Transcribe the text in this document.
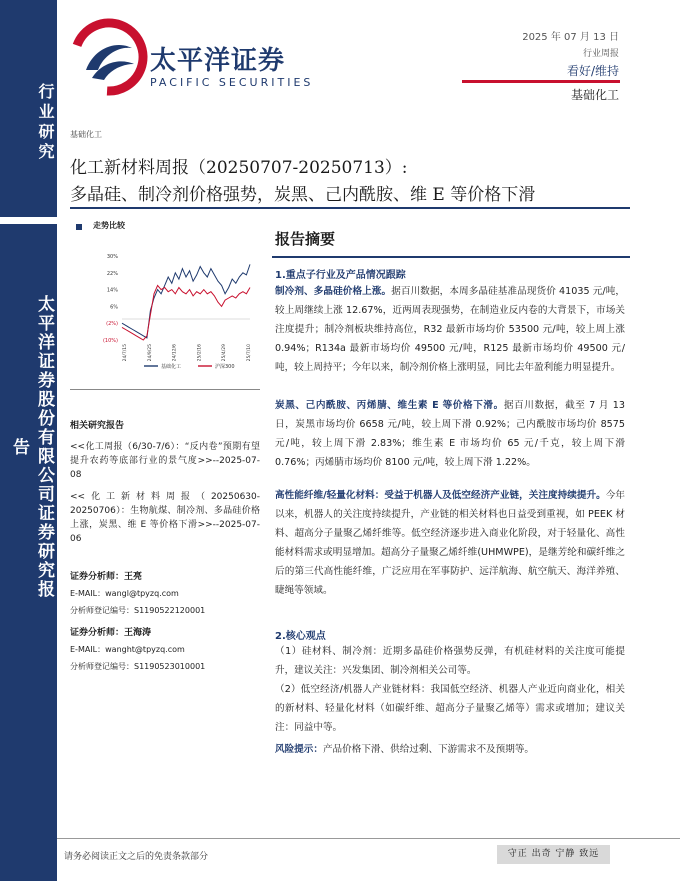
行业研究
太平洋证券股份有限公司证券研究报告
太平洋证券
PACIFIC SECURITIES
2025 年 07 月 13 日
行业周报
看好/维持
基础化工
基础化工
化工新材料周报（20250707-20250713）:
多晶硅、制冷剂价格强势，炭黑、己内酰胺、维 E 等价格下滑
走势比较
30%
22%
14%
6%
(2%)
(10%)
24/7/15	24/9/25	24/12/6	25/2/16	25/4/29	25/7/10
基础化工	沪深300
相关研究报告
<<化工周报（6/30-7/6）：“反内卷”预期有望提升农药等底部行业的景气度>>--2025-07-08
<<化工新材料周报（20250630-20250706）：生物航煤、制冷剂、多晶硅价格上涨，炭黑、维 E 等价格下滑>>--2025-07-06
证券分析师：王亮
E-MAIL：wangl@tpyzq.com
分析师登记编号：S1190522120001
证券分析师：王海涛
E-MAIL：wanght@tpyzq.com
分析师登记编号：S1190523010001
报告摘要
1.重点子行业及产品情况跟踪
制冷剂、多晶硅价格上涨。据百川数据，本周多晶硅基准品现货价 41035 元/吨，较上周继续上涨 12.67%，近两周表现强势，在制造业反内卷的大背景下，市场关注度提升；制冷剂板块维持高位，R32 最新市场均价 53500 元/吨，较上周上涨 0.94%；R134a 最新市场均价 49500 元/吨，R125 最新市场均价 49500 元/吨，较上周持平；今年以来，制冷剂价格上涨明显，同比去年盈利能力明显提升。
炭黑、己内酰胺、丙烯腈、维生素 E 等价格下滑。据百川数据，截至 7 月 13 日，炭黑市场均价 6658 元/吨，较上周下滑 0.92%；己内酰胺市场均价 8575 元/吨，较上周下滑 2.83%；维生素 E 市场均价 65 元/千克，较上周下滑 0.76%；丙烯腈市场均价 8100 元/吨，较上周下滑 1.22%。
高性能纤维/轻量化材料：受益于机器人及低空经济产业链，关注度持续提升。今年以来，机器人的关注度持续提升，产业链的相关材料也日益受到重视，如 PEEK 材料、超高分子量聚乙烯纤维等。低空经济逐步进入商业化阶段，对于轻量化、高性能材料需求或明显增加。超高分子量聚乙烯纤维(UHMWPE)，是继芳纶和碳纤维之后的第三代高性能纤维，广泛应用在军事防护、远洋航海、航空航天、海洋养殖、睫绳等领域。
2.核心观点
（1）硅材料、制冷剂：近期多晶硅价格强势反弹，有机硅材料的关注度可能提升，建议关注：兴发集团、制冷剂相关公司等。
（2）低空经济/机器人产业链材料：我国低空经济、机器人产业近向商业化，相关的新材料、轻量化材料（如碳纤维、超高分子量聚乙烯等）需求或增加；建议关注：同益中等。
风险提示：产品价格下滑、供给过剩、下游需求不及预期等。
请务必阅读正文之后的免责条款部分	守正 出奇 宁静 致远
